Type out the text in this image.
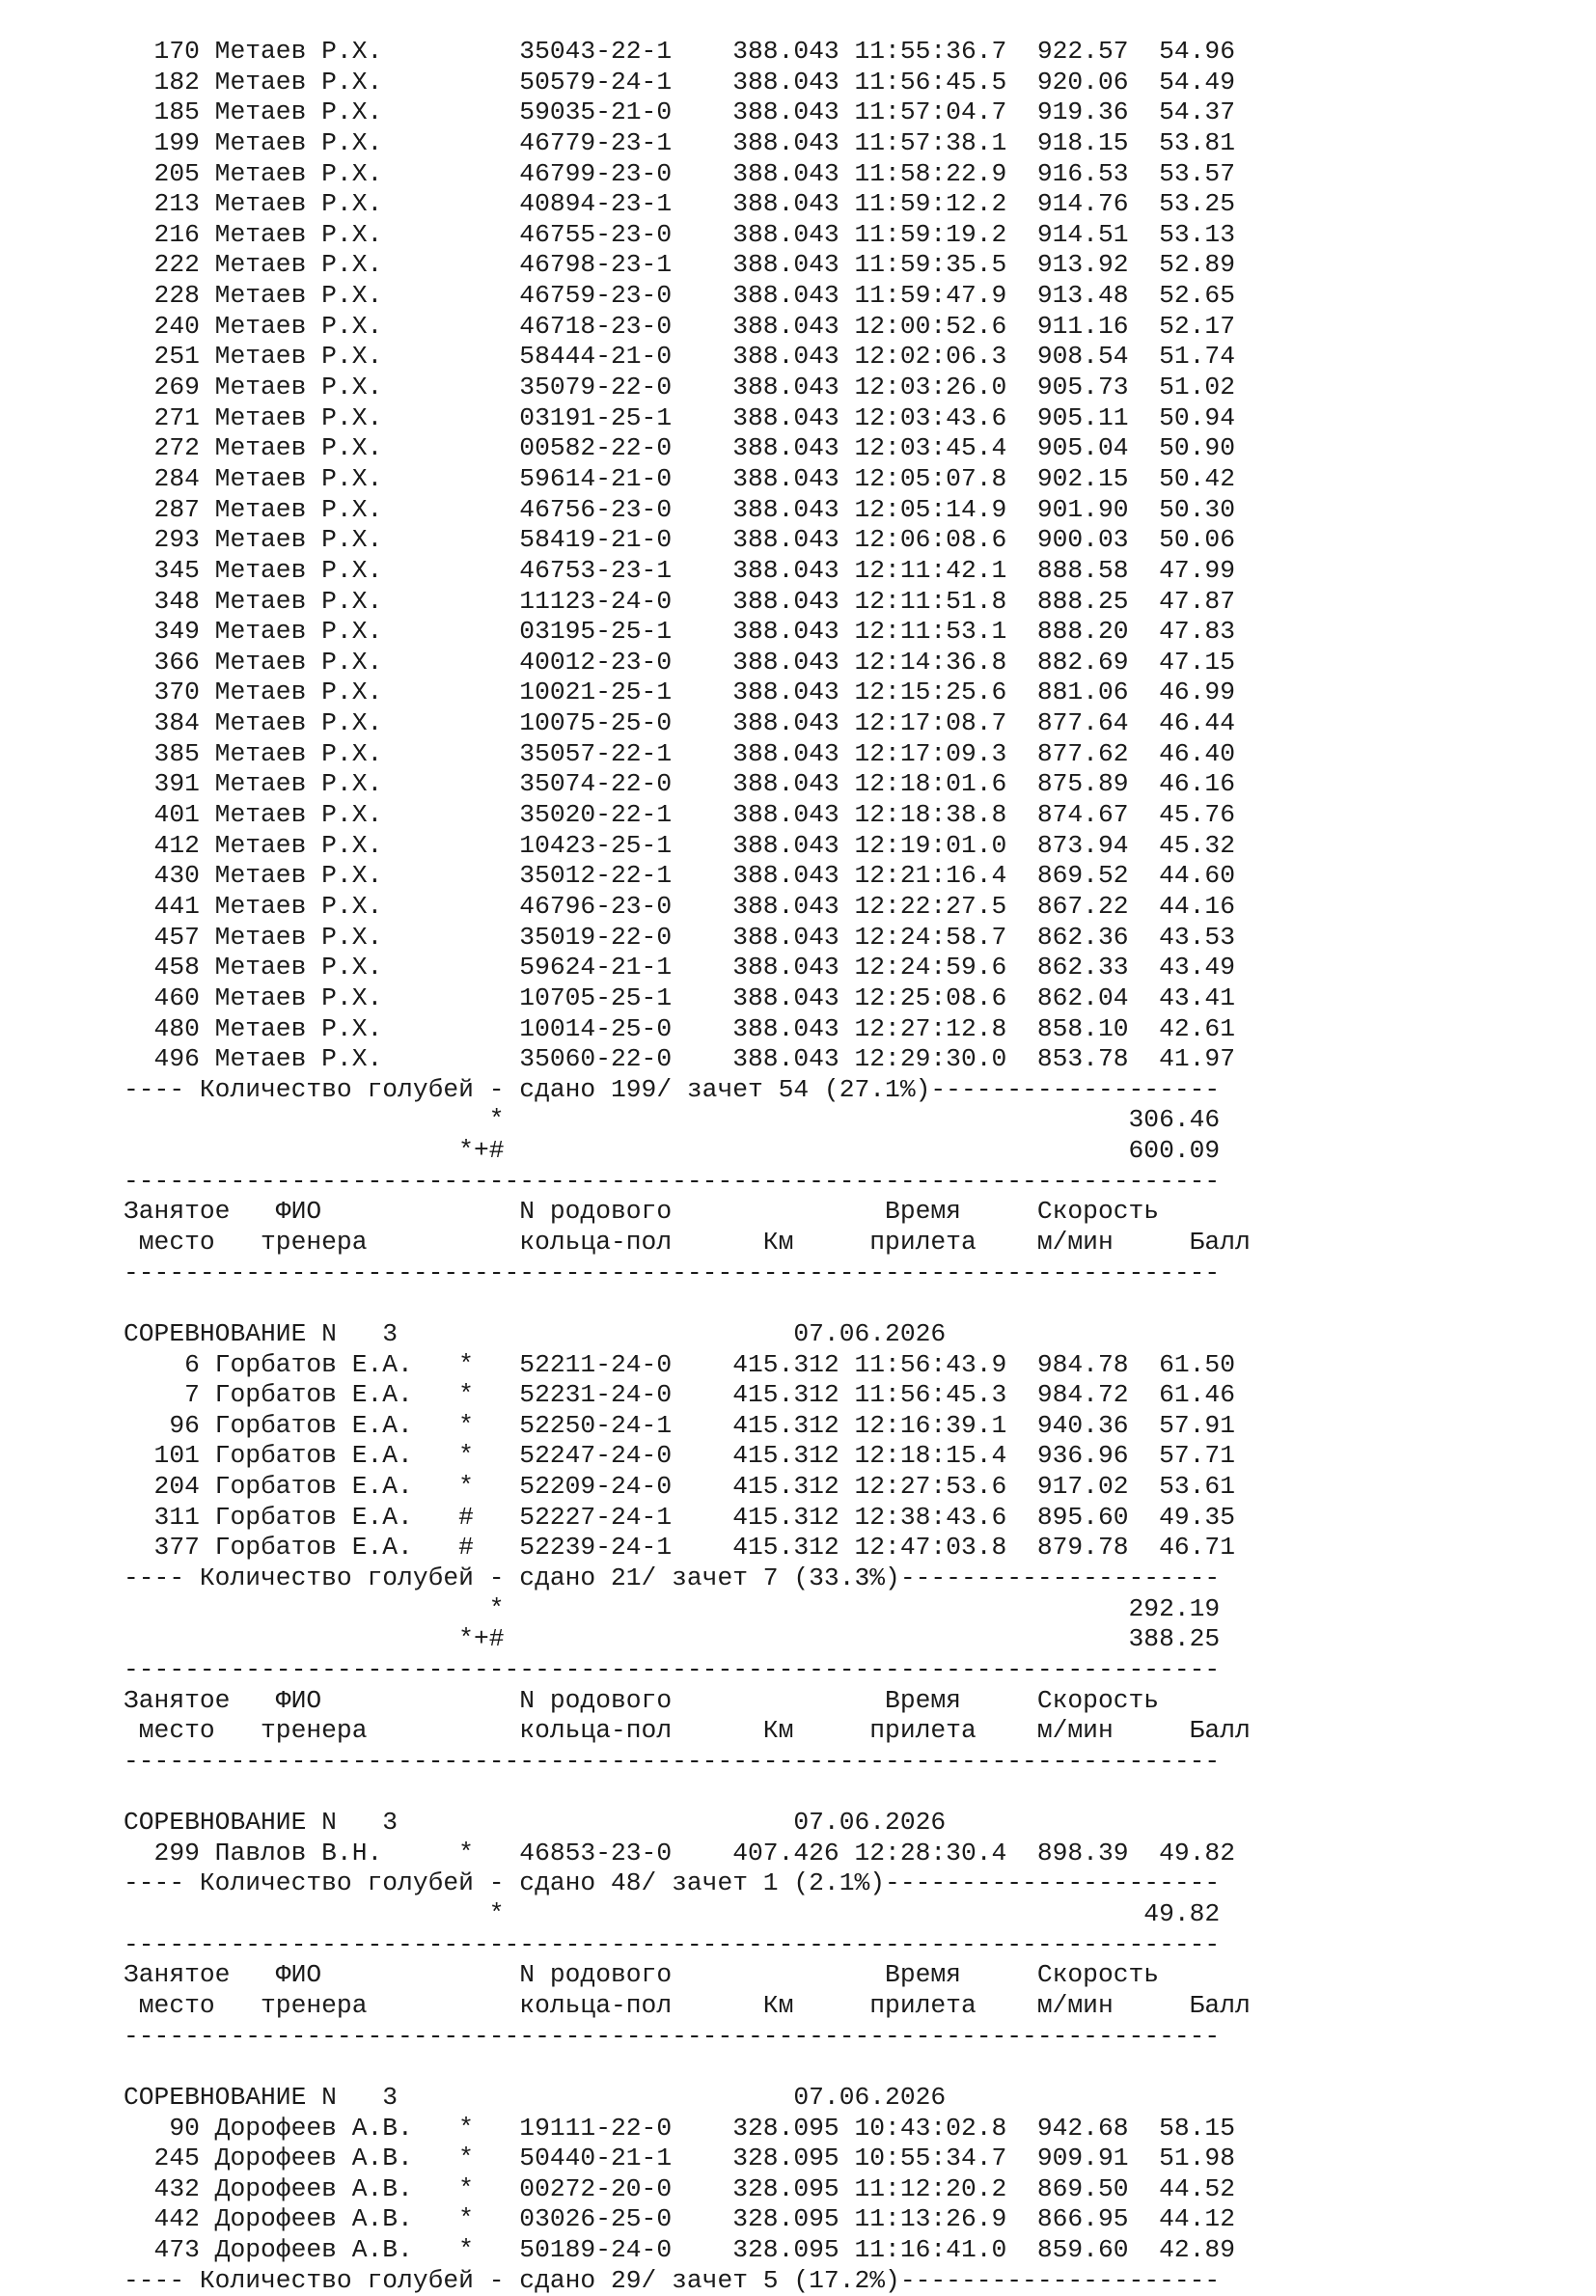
170 Метаев Р.Х.         35043-22-1    388.043 11:55:36.7  922.57  54.96
182 Метаев Р.Х.         50579-24-1    388.043 11:56:45.5  920.06  54.49
185 Метаев Р.Х.         59035-21-0    388.043 11:57:04.7  919.36  54.37
199 Метаев Р.Х.         46779-23-1    388.043 11:57:38.1  918.15  53.81
205 Метаев Р.Х.         46799-23-0    388.043 11:58:22.9  916.53  53.57
213 Метаев Р.Х.         40894-23-1    388.043 11:59:12.2  914.76  53.25
216 Метаев Р.Х.         46755-23-0    388.043 11:59:19.2  914.51  53.13
222 Метаев Р.Х.         46798-23-1    388.043 11:59:35.5  913.92  52.89
228 Метаев Р.Х.         46759-23-0    388.043 11:59:47.9  913.48  52.65
240 Метаев Р.Х.         46718-23-0    388.043 12:00:52.6  911.16  52.17
251 Метаев Р.Х.         58444-21-0    388.043 12:02:06.3  908.54  51.74
269 Метаев Р.Х.         35079-22-0    388.043 12:03:26.0  905.73  51.02
271 Метаев Р.Х.         03191-25-1    388.043 12:03:43.6  905.11  50.94
272 Метаев Р.Х.         00582-22-0    388.043 12:03:45.4  905.04  50.90
284 Метаев Р.Х.         59614-21-0    388.043 12:05:07.8  902.15  50.42
287 Метаев Р.Х.         46756-23-0    388.043 12:05:14.9  901.90  50.30
293 Метаев Р.Х.         58419-21-0    388.043 12:06:08.6  900.03  50.06
345 Метаев Р.Х.         46753-23-1    388.043 12:11:42.1  888.58  47.99
348 Метаев Р.Х.         11123-24-0    388.043 12:11:51.8  888.25  47.87
349 Метаев Р.Х.         03195-25-1    388.043 12:11:53.1  888.20  47.83
366 Метаев Р.Х.         40012-23-0    388.043 12:14:36.8  882.69  47.15
370 Метаев Р.Х.         10021-25-1    388.043 12:15:25.6  881.06  46.99
384 Метаев Р.Х.         10075-25-0    388.043 12:17:08.7  877.64  46.44
385 Метаев Р.Х.         35057-22-1    388.043 12:17:09.3  877.62  46.40
391 Метаев Р.Х.         35074-22-0    388.043 12:18:01.6  875.89  46.16
401 Метаев Р.Х.         35020-22-1    388.043 12:18:38.8  874.67  45.76
412 Метаев Р.Х.         10423-25-1    388.043 12:19:01.0  873.94  45.32
430 Метаев Р.Х.         35012-22-1    388.043 12:21:16.4  869.52  44.60
441 Метаев Р.Х.         46796-23-0    388.043 12:22:27.5  867.22  44.16
457 Метаев Р.Х.         35019-22-0    388.043 12:24:58.7  862.36  43.53
458 Метаев Р.Х.         59624-21-1    388.043 12:24:59.6  862.33  43.49
460 Метаев Р.Х.         10705-25-1    388.043 12:25:08.6  862.04  43.41
480 Метаев Р.Х.         10014-25-0    388.043 12:27:12.8  858.10  42.61
496 Метаев Р.Х.         35060-22-0    388.043 12:29:30.0  853.78  41.97
---- Количество голубей - сдано 199/ зачет 54 (27.1%)-------------------
*                                         306.46
*+#                                         600.09
------------------------------------------------------------------------
Занятое   ФИО             N родового              Время     Скорость
место   тренера          кольца-пол      Км     прилета    м/мин     Балл
------------------------------------------------------------------------
СОРЕВНОВАНИЕ N   3                          07.06.2026
6 Горбатов Е.А.   *   52211-24-0    415.312 11:56:43.9  984.78  61.50
7 Горбатов Е.А.   *   52231-24-0    415.312 11:56:45.3  984.72  61.46
96 Горбатов Е.А.   *   52250-24-1    415.312 12:16:39.1  940.36  57.91
101 Горбатов Е.А.   *   52247-24-0    415.312 12:18:15.4  936.96  57.71
204 Горбатов Е.А.   *   52209-24-0    415.312 12:27:53.6  917.02  53.61
311 Горбатов Е.А.   #   52227-24-1    415.312 12:38:43.6  895.60  49.35
377 Горбатов Е.А.   #   52239-24-1    415.312 12:47:03.8  879.78  46.71
---- Количество голубей - сдано 21/ зачет 7 (33.3%)---------------------
*                                         292.19
*+#                                         388.25
------------------------------------------------------------------------
Занятое   ФИО             N родового              Время     Скорость
место   тренера          кольца-пол      Км     прилета    м/мин     Балл
------------------------------------------------------------------------
СОРЕВНОВАНИЕ N   3                          07.06.2026
299 Павлов В.Н.     *   46853-23-0    407.426 12:28:30.4  898.39  49.82
---- Количество голубей - сдано 48/ зачет 1 (2.1%)----------------------
*                                          49.82
------------------------------------------------------------------------
Занятое   ФИО             N родового              Время     Скорость
место   тренера          кольца-пол      Км     прилета    м/мин     Балл
------------------------------------------------------------------------
СОРЕВНОВАНИЕ N   3                          07.06.2026
90 Дорофеев А.В.   *   19111-22-0    328.095 10:43:02.8  942.68  58.15
245 Дорофеев А.В.   *   50440-21-1    328.095 10:55:34.7  909.91  51.98
432 Дорофеев А.В.   *   00272-20-0    328.095 11:12:20.2  869.50  44.52
442 Дорофеев А.В.   *   03026-25-0    328.095 11:13:26.9  866.95  44.12
473 Дорофеев А.В.   *   50189-24-0    328.095 11:16:41.0  859.60  42.89
---- Количество голубей - сдано 29/ зачет 5 (17.2%)---------------------
